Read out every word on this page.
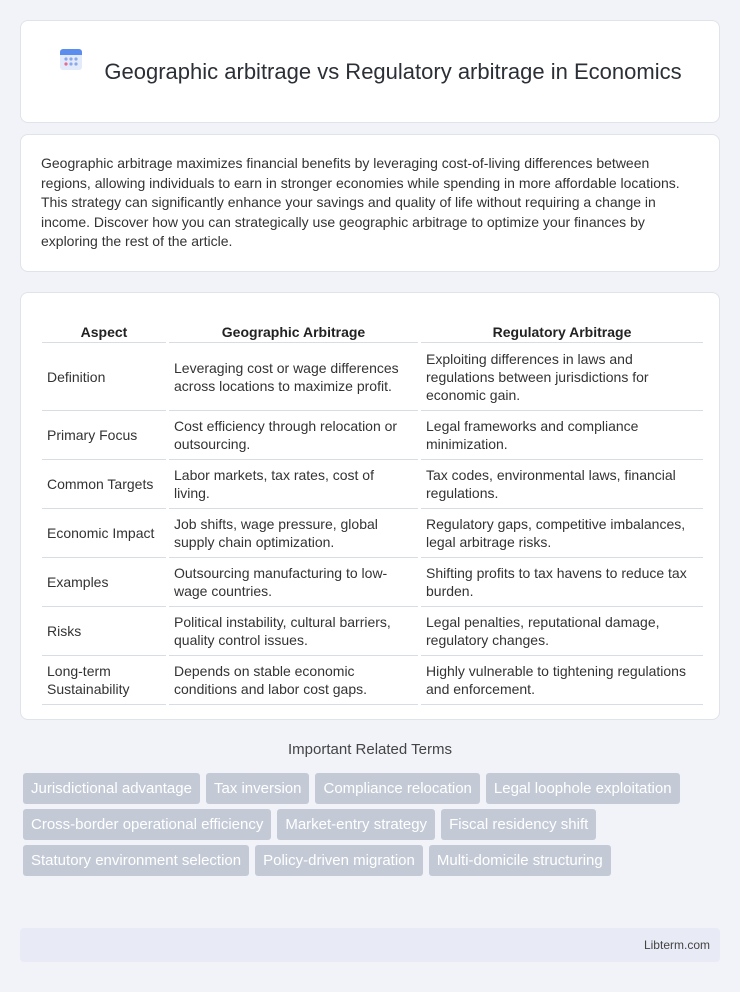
Geographic arbitrage vs Regulatory arbitrage in Economics

Geographic arbitrage maximizes financial benefits by leveraging cost-of-living differences between regions, allowing individuals to earn in stronger economies while spending in more affordable locations. This strategy can significantly enhance your savings and quality of life without requiring a change in income. Discover how you can strategically use geographic arbitrage to optimize your finances by exploring the rest of the article.

Aspect	Geographic Arbitrage	Regulatory Arbitrage
Definition	Leveraging cost or wage differences across locations to maximize profit.	Exploiting differences in laws and regulations between jurisdictions for economic gain.
Primary Focus	Cost efficiency through relocation or outsourcing.	Legal frameworks and compliance minimization.
Common Targets	Labor markets, tax rates, cost of living.	Tax codes, environmental laws, financial regulations.
Economic Impact	Job shifts, wage pressure, global supply chain optimization.	Regulatory gaps, competitive imbalances, legal arbitrage risks.
Examples	Outsourcing manufacturing to low-wage countries.	Shifting profits to tax havens to reduce tax burden.
Risks	Political instability, cultural barriers, quality control issues.	Legal penalties, reputational damage, regulatory changes.
Long-term Sustainability	Depends on stable economic conditions and labor cost gaps.	Highly vulnerable to tightening regulations and enforcement.
Important Related Terms
Jurisdictional advantage	Tax inversion	Compliance relocation	Legal loophole exploitation
Cross-border operational efficiency	Market-entry strategy	Fiscal residency shift
Statutory environment selection	Policy-driven migration	Multi-domicile structuring
Libterm.com
